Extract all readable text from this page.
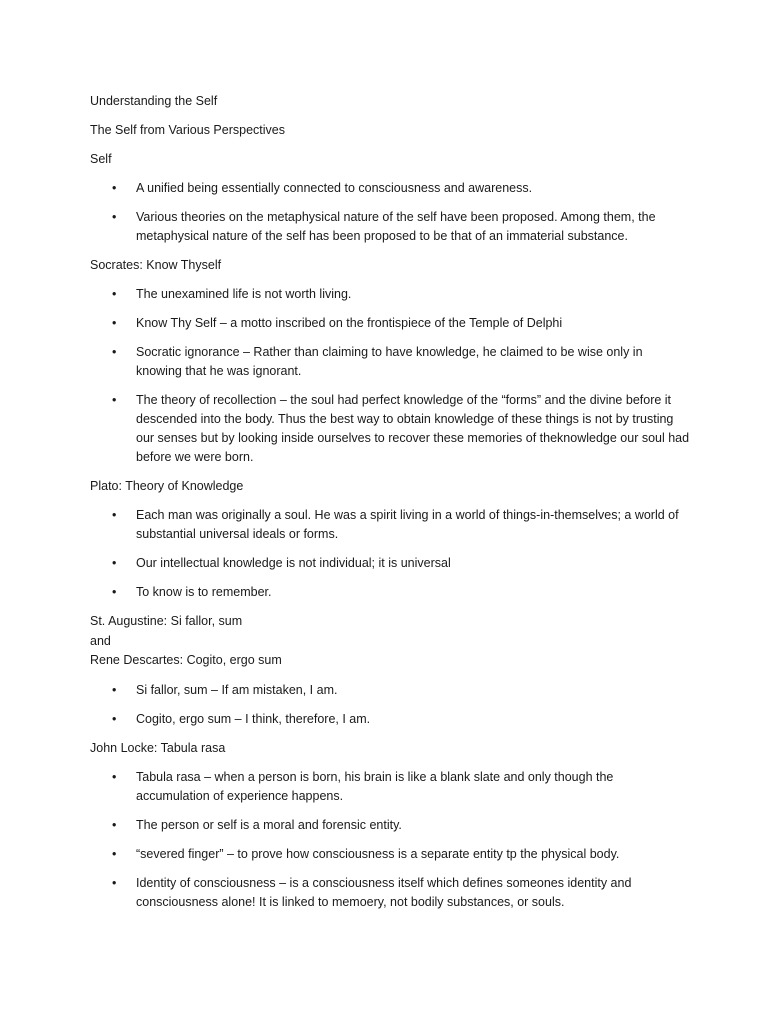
Understanding the Self

The Self from Various Perspectives

Self

• A unified being essentially connected to consciousness and awareness.
• Various theories on the metaphysical nature of the self have been proposed. Among them, the metaphysical nature of the self has been proposed to be that of an immaterial substance.

Socrates: Know Thyself

• The unexamined life is not worth living.
• Know Thy Self – a motto inscribed on the frontispiece of the Temple of Delphi
• Socratic ignorance – Rather than claiming to have knowledge, he claimed to be wise only in knowing that he was ignorant.
• The theory of recollection – the soul had perfect knowledge of the “forms” and the divine before it descended into the body. Thus the best way to obtain knowledge of these things is not by trusting our senses but by looking inside ourselves to recover these memories of theknowledge our soul had before we were born.

Plato: Theory of Knowledge

• Each man was originally a soul. He was a spirit living in a world of things-in-themselves; a world of substantial universal ideals or forms.
• Our intellectual knowledge is not individual; it is universal
• To know is to remember.
St. Augustine: Si fallor, sum
and
Rene Descartes: Cogito, ergo sum
• Si fallor, sum – If am mistaken, I am.
• Cogito, ergo sum – I think, therefore, I am.

John Locke: Tabula rasa

• Tabula rasa – when a person is born, his brain is like a blank slate and only though the accumulation of experience happens.
• The person or self is a moral and forensic entity.
• “severed finger” – to prove how consciousness is a separate entity tp the physical body.
• Identity of consciousness – is a consciousness itself which defines someones identity and consciousness alone! It is linked to memoery, not bodily substances, or souls.
